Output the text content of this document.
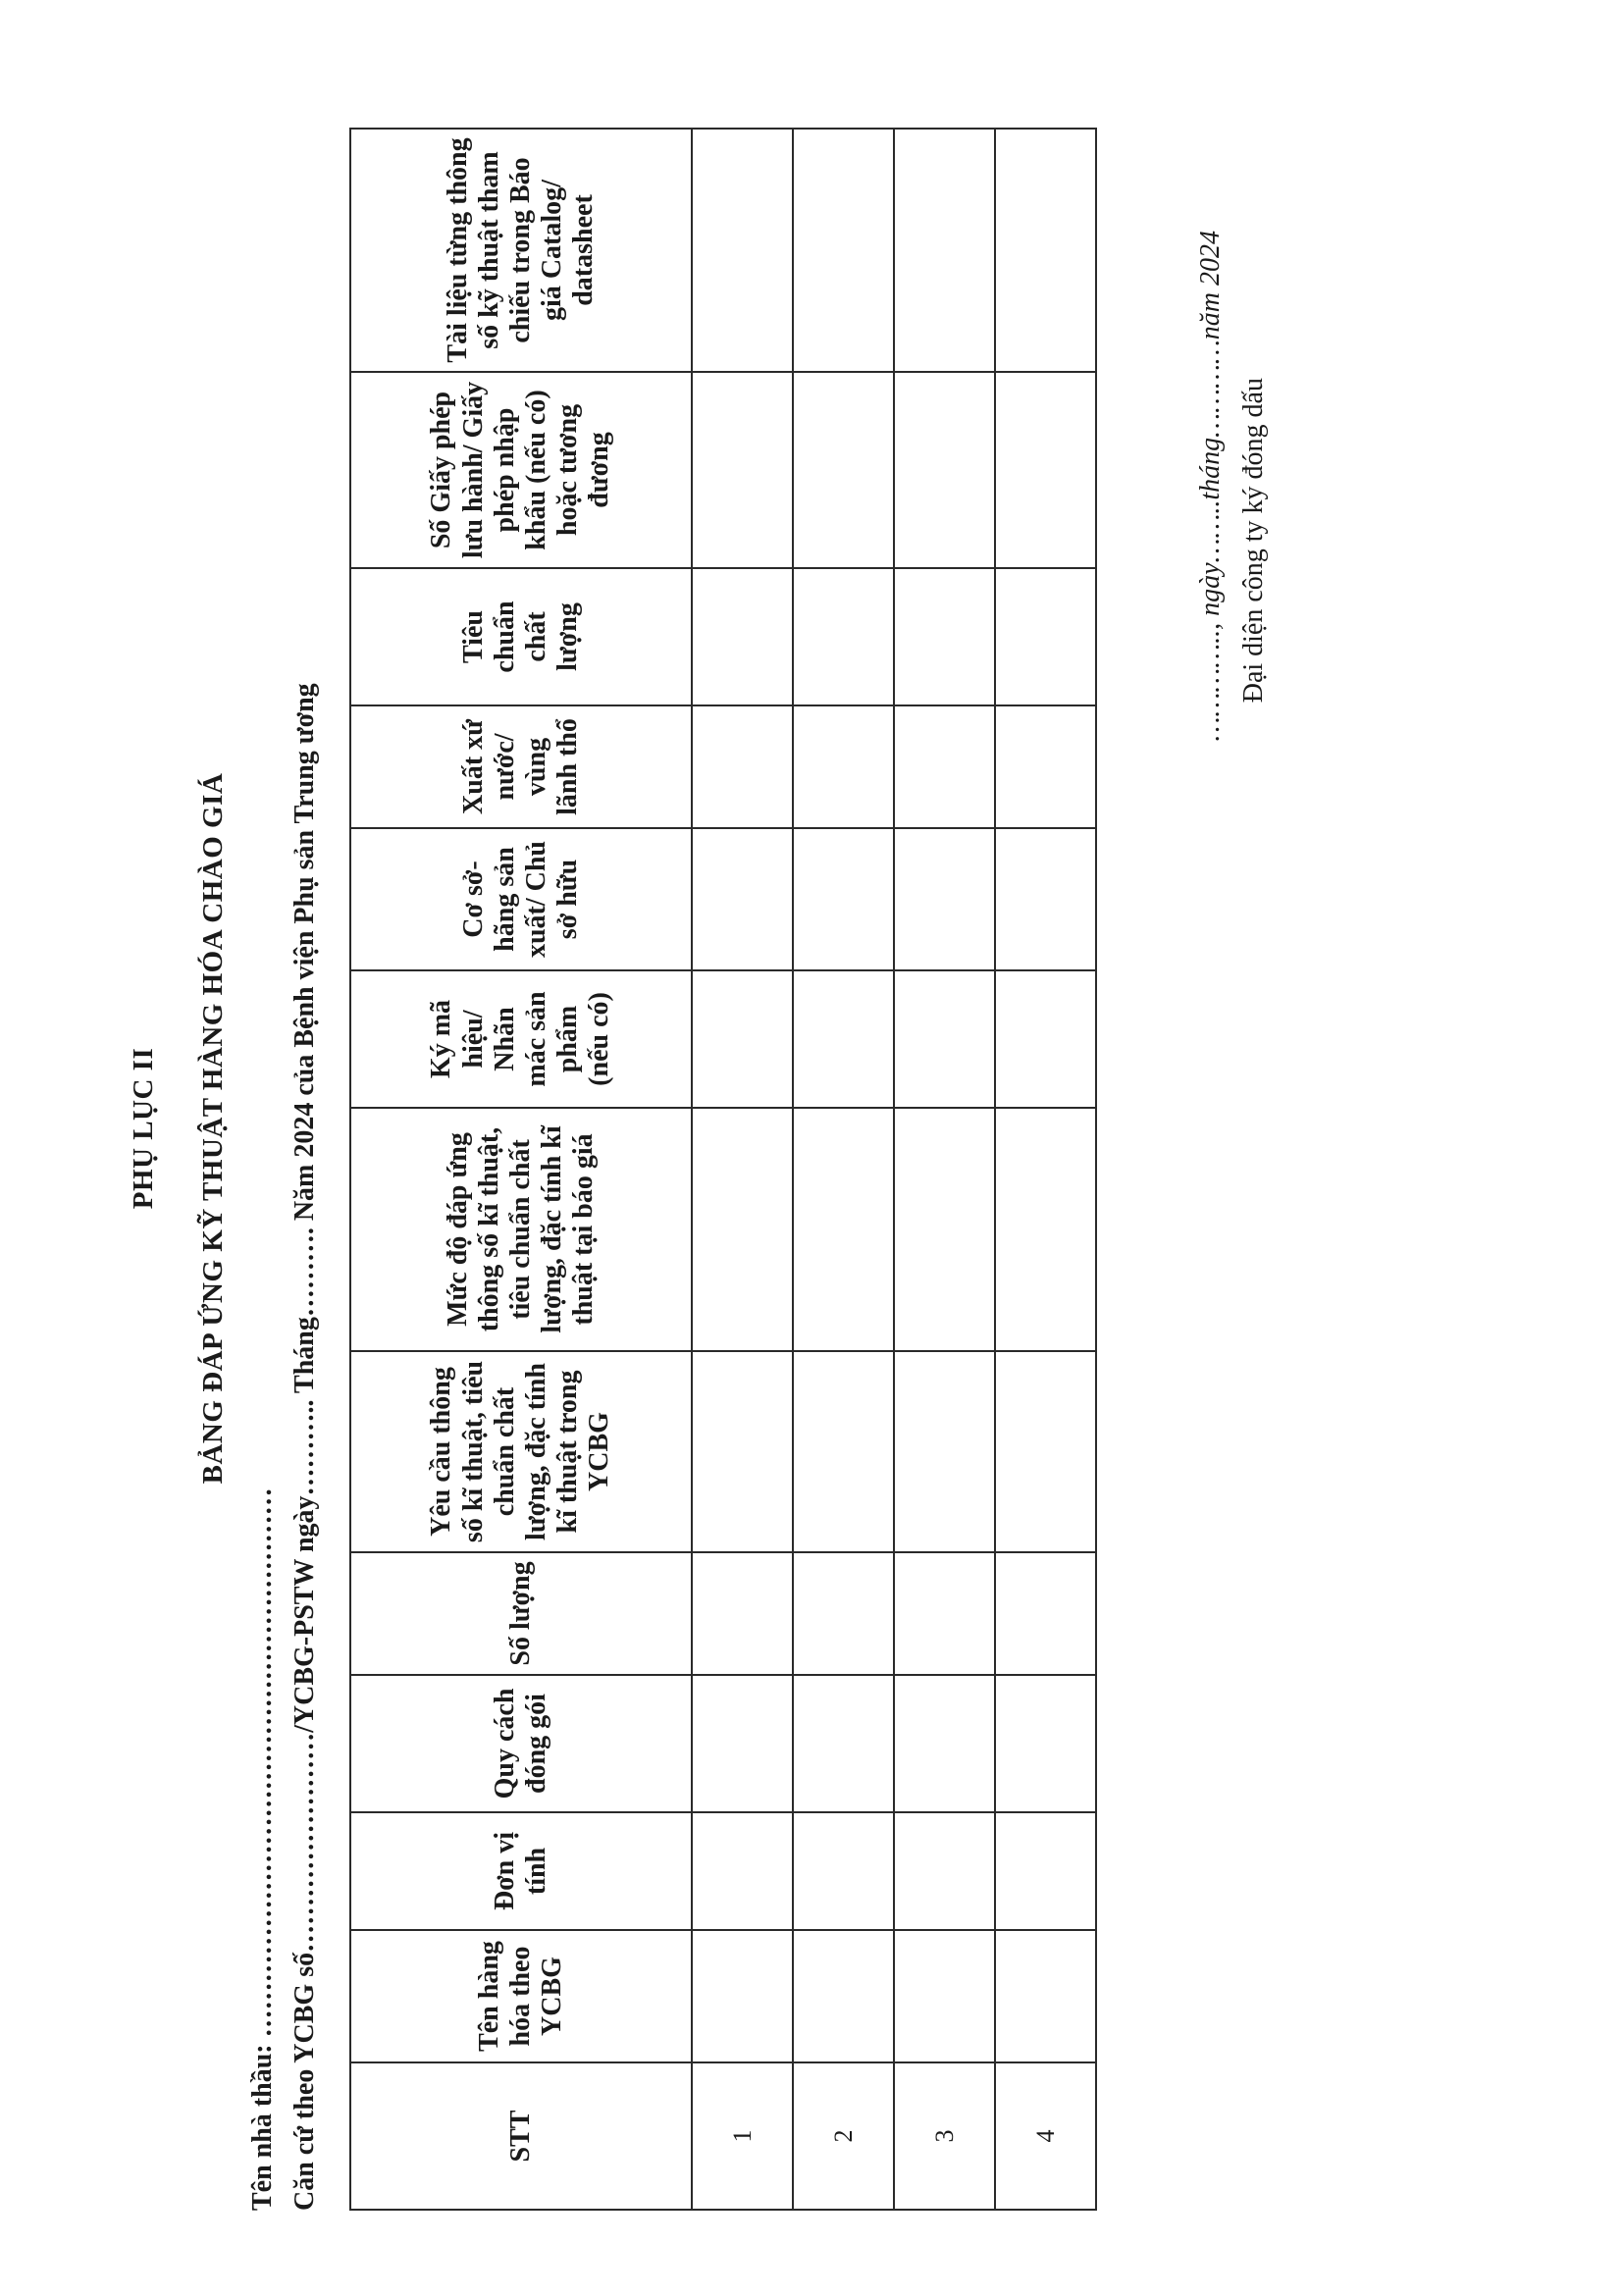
PHỤ LỤC II BẢNG ĐÁP ỨNG KỸ THUẬT HÀNG HÓA CHÀO GIÁ
Tên nhà thầu: …………………………………………………… Căn cứ theo YCBG số……………………/YCBG-PSTW ngày……….. Tháng………. Năm 2024 của Bệnh viện Phụ sản Trung ương	STT	Tên hàng hóa theo YCBG	Đơn vị tính	Quy cách đóng gói	Số lượng	Yêu cầu thông số kĩ thuật, tiêu chuẩn chất lượng, đặc tính kĩ thuật trong YCBG	Mức độ đáp ứng thông số kĩ thuật, tiêu chuẩn chất lượng, đặc tính kĩ thuật tại báo giá	Ký mã hiệu/ Nhãn mác sản phẩm (nếu có)	Cơ sở- hãng sản xuất/ Chủ sở hữu	Xuất xứ nước/ vùng lãnh thổ	Tiêu chuẩn chất lượng	Số Giấy phép lưu hành/ Giấy phép nhập khẩu (nếu có) hoặc tương đương	Tài liệu từng thông số kỹ thuật tham chiếu trong Báo giá Catalog/ datasheet
1												
2												
3												
4												
………….., ngày……..tháng…………năm 2024 Đại diện công ty ký đóng dấu
